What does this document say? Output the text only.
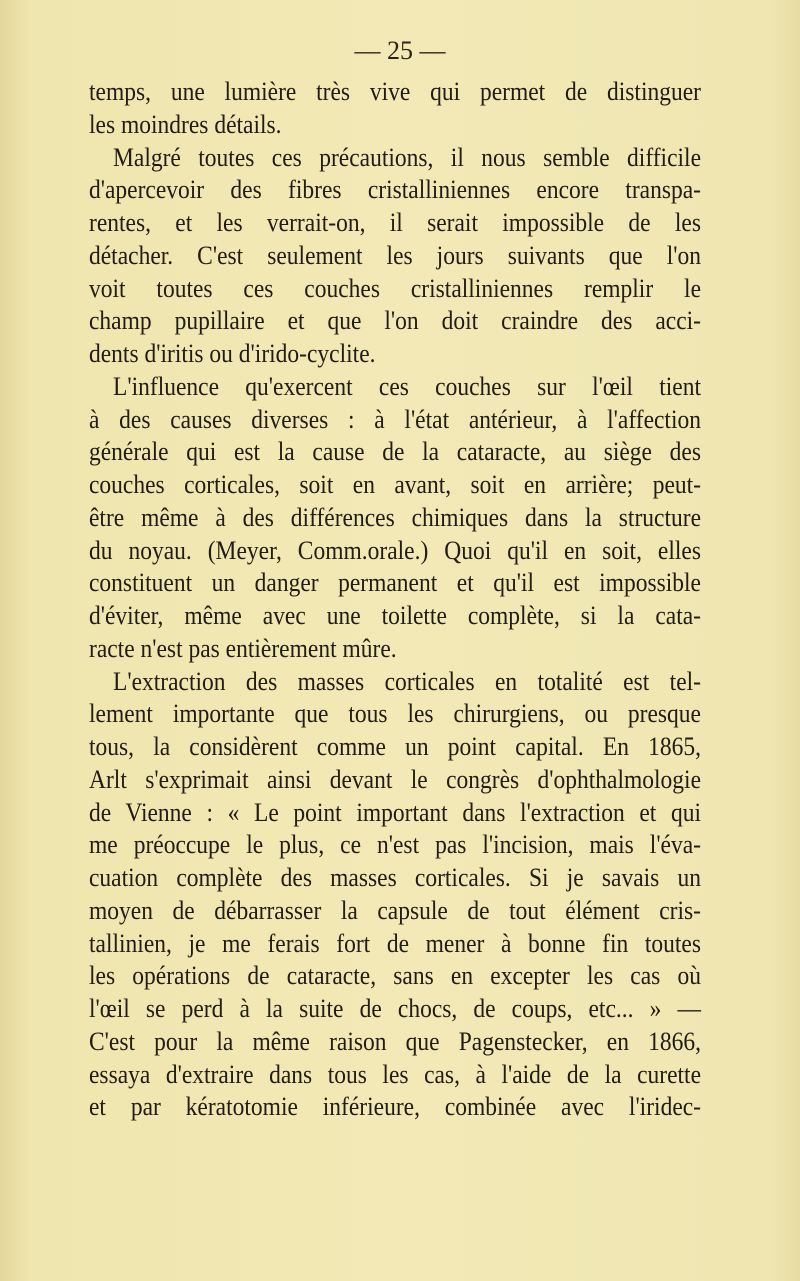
— 25 —
temps, une lumière très vive qui permet de distinguer
les moindres détails.
Malgré toutes ces précautions, il nous semble difficile
d'apercevoir des fibres cristalliniennes encore transpa-
rentes, et les verrait-on, il serait impossible de les
détacher. C'est seulement les jours suivants que l'on
voit toutes ces couches cristalliniennes remplir le
champ pupillaire et que l'on doit craindre des acci-
dents d'iritis ou d'irido-cyclite.
L'influence qu'exercent ces couches sur l'œil tient
à des causes diverses : à l'état antérieur, à l'affection
générale qui est la cause de la cataracte, au siège des
couches corticales, soit en avant, soit en arrière; peut-
être même à des différences chimiques dans la structure
du noyau. (Meyer, Comm.orale.) Quoi qu'il en soit, elles
constituent un danger permanent et qu'il est impossible
d'éviter, même avec une toilette complète, si la cata-
racte n'est pas entièrement mûre.
L'extraction des masses corticales en totalité est tel-
lement importante que tous les chirurgiens, ou presque
tous, la considèrent comme un point capital. En 1865,
Arlt s'exprimait ainsi devant le congrès d'ophthalmologie
de Vienne : « Le point important dans l'extraction et qui
me préoccupe le plus, ce n'est pas l'incision, mais l'éva-
cuation complète des masses corticales. Si je savais un
moyen de débarrasser la capsule de tout élément cris-
tallinien, je me ferais fort de mener à bonne fin toutes
les opérations de cataracte, sans en excepter les cas où
l'œil se perd à la suite de chocs, de coups, etc... » —
C'est pour la même raison que Pagenstecker, en 1866,
essaya d'extraire dans tous les cas, à l'aide de la curette
et par kératotomie inférieure, combinée avec l'iridec-
